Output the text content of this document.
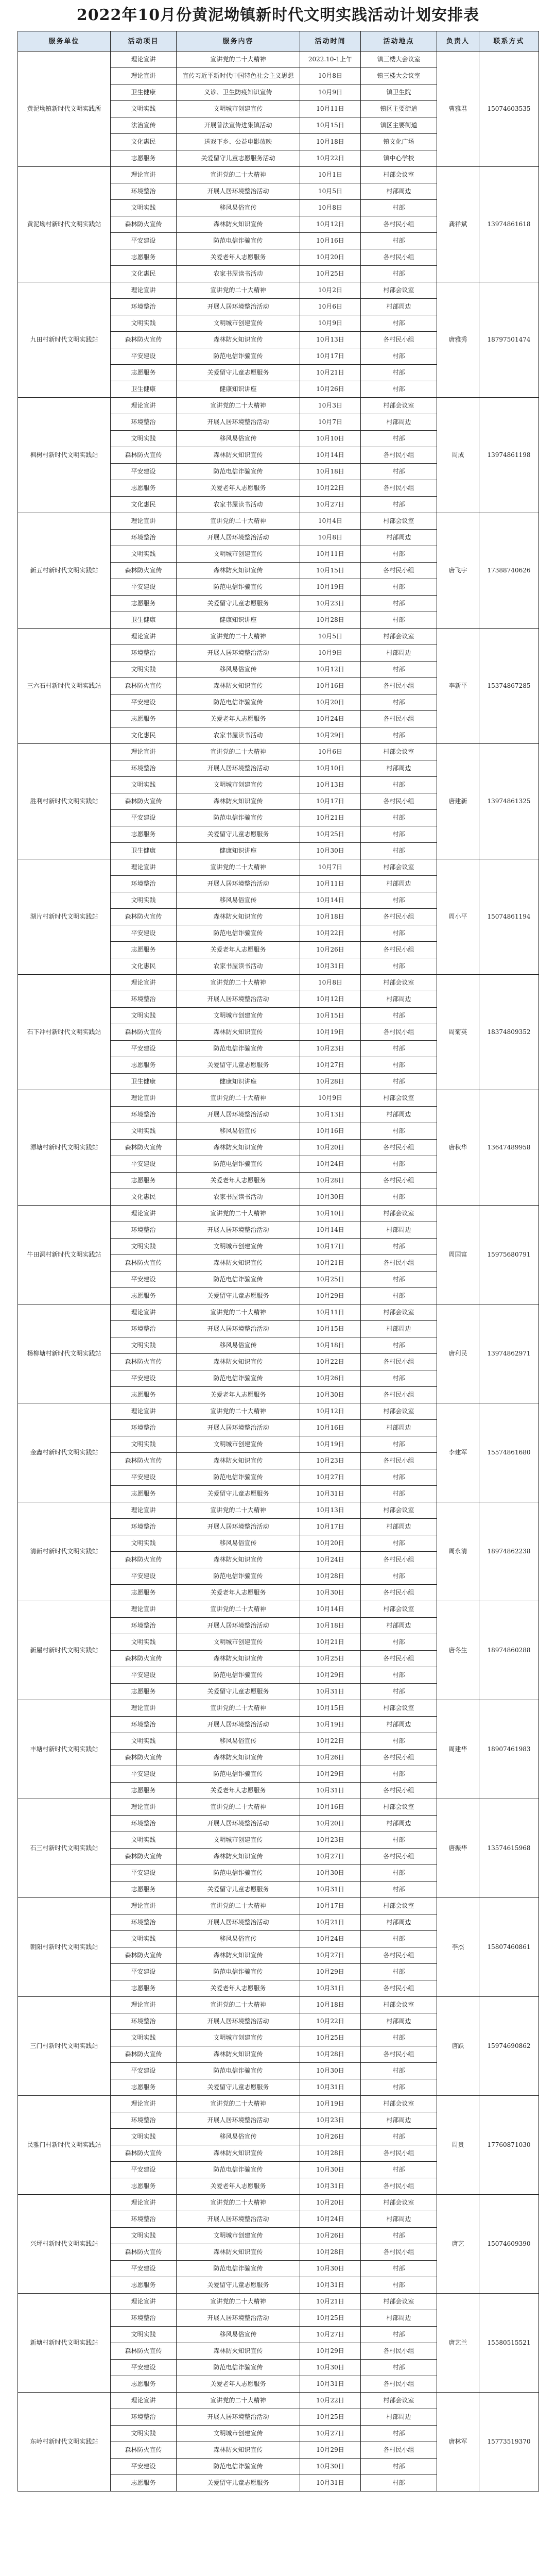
2022年10月份黄泥坳镇新时代文明实践活动计划安排表
服务单位	活动项目	服务内容	活动时间	活动地点	负责人	联系方式
黄泥坳镇新时代文明实践所	理论宣讲	宣讲党的二十大精神	2022.10-1上午	镇三楼大会议室	曹雅君	15074603535
	理论宣讲	宣传习近平新时代中国特色社会主义思想	10月8日	镇三楼大会议室		
	卫生健康	义诊、卫生防疫知识宣传	10月9日	镇卫生院		
	文明实践	文明城市创建宣传	10月11日	镇区主要街道		
	法治宣传	开展普法宣传进集镇活动	10月15日	镇区主要街道		
	文化惠民	送戏下乡、公益电影放映	10月18日	镇文化广场		
	志愿服务	关爱留守儿童志愿服务活动	10月22日	镇中心学校		
黄泥坳村新时代文明实践站	理论宣讲	宣讲党的二十大精神	10月1日	村部会议室	龚祥斌	13974861618
	环境整治	开展人居环境整治活动	10月5日	村部周边		
	文明实践	移风易俗宣传	10月8日	村部		
	森林防火宣传	森林防火知识宣传	10月12日	各村民小组		
	平安建设	防范电信诈骗宣传	10月16日	村部		
	志愿服务	关爱老年人志愿服务	10月20日	各村民小组		
	文化惠民	农家书屋读书活动	10月25日	村部		
九田村新时代文明实践站	理论宣讲	宣讲党的二十大精神	10月2日	村部会议室	唐雅秀	18797501474
	环境整治	开展人居环境整治活动	10月6日	村部周边		
	文明实践	文明城市创建宣传	10月9日	村部		
	森林防火宣传	森林防火知识宣传	10月13日	各村民小组		
	平安建设	防范电信诈骗宣传	10月17日	村部		
	志愿服务	关爱留守儿童志愿服务	10月21日	村部		
	卫生健康	健康知识讲座	10月26日	村部		
枫树村新时代文明实践站	理论宣讲	宣讲党的二十大精神	10月3日	村部会议室	周成	13974861198
	环境整治	开展人居环境整治活动	10月7日	村部周边		
	文明实践	移风易俗宣传	10月10日	村部		
	森林防火宣传	森林防火知识宣传	10月14日	各村民小组		
	平安建设	防范电信诈骗宣传	10月18日	村部		
	志愿服务	关爱老年人志愿服务	10月22日	各村民小组		
	文化惠民	农家书屋读书活动	10月27日	村部		
新五村新时代文明实践站	理论宣讲	宣讲党的二十大精神	10月4日	村部会议室	唐飞宇	17388740626
	环境整治	开展人居环境整治活动	10月8日	村部周边		
	文明实践	文明城市创建宣传	10月11日	村部		
	森林防火宣传	森林防火知识宣传	10月15日	各村民小组		
	平安建设	防范电信诈骗宣传	10月19日	村部		
	志愿服务	关爱留守儿童志愿服务	10月23日	村部		
	卫生健康	健康知识讲座	10月28日	村部		
三六石村新时代文明实践站	理论宣讲	宣讲党的二十大精神	10月5日	村部会议室	李新平	15374867285
	环境整治	开展人居环境整治活动	10月9日	村部周边		
	文明实践	移风易俗宣传	10月12日	村部		
	森林防火宣传	森林防火知识宣传	10月16日	各村民小组		
	平安建设	防范电信诈骗宣传	10月20日	村部		
	志愿服务	关爱老年人志愿服务	10月24日	各村民小组		
	文化惠民	农家书屋读书活动	10月29日	村部		
胜利村新时代文明实践站	理论宣讲	宣讲党的二十大精神	10月6日	村部会议室	唐建新	13974861325
	环境整治	开展人居环境整治活动	10月10日	村部周边		
	文明实践	文明城市创建宣传	10月13日	村部		
	森林防火宣传	森林防火知识宣传	10月17日	各村民小组		
	平安建设	防范电信诈骗宣传	10月21日	村部		
	志愿服务	关爱留守儿童志愿服务	10月25日	村部		
	卫生健康	健康知识讲座	10月30日	村部		
湖片村新时代文明实践站	理论宣讲	宣讲党的二十大精神	10月7日	村部会议室	周小平	15074861194
	环境整治	开展人居环境整治活动	10月11日	村部周边		
	文明实践	移风易俗宣传	10月14日	村部		
	森林防火宣传	森林防火知识宣传	10月18日	各村民小组		
	平安建设	防范电信诈骗宣传	10月22日	村部		
	志愿服务	关爱老年人志愿服务	10月26日	各村民小组		
	文化惠民	农家书屋读书活动	10月31日	村部		
石下冲村新时代文明实践站	理论宣讲	宣讲党的二十大精神	10月8日	村部会议室	周菊英	18374809352
	环境整治	开展人居环境整治活动	10月12日	村部周边		
	文明实践	文明城市创建宣传	10月15日	村部		
	森林防火宣传	森林防火知识宣传	10月19日	各村民小组		
	平安建设	防范电信诈骗宣传	10月23日	村部		
	志愿服务	关爱留守儿童志愿服务	10月27日	村部		
	卫生健康	健康知识讲座	10月28日	村部		
潭塘村新时代文明实践站	理论宣讲	宣讲党的二十大精神	10月9日	村部会议室	唐秋华	13647489958
	环境整治	开展人居环境整治活动	10月13日	村部周边		
	文明实践	移风易俗宣传	10月16日	村部		
	森林防火宣传	森林防火知识宣传	10月20日	各村民小组		
	平安建设	防范电信诈骗宣传	10月24日	村部		
	志愿服务	关爱老年人志愿服务	10月28日	各村民小组		
	文化惠民	农家书屋读书活动	10月30日	村部		
牛田洞村新时代文明实践站	理论宣讲	宣讲党的二十大精神	10月10日	村部会议室	周国富	15975680791
	环境整治	开展人居环境整治活动	10月14日	村部周边		
	文明实践	文明城市创建宣传	10月17日	村部		
	森林防火宣传	森林防火知识宣传	10月21日	各村民小组		
	平安建设	防范电信诈骗宣传	10月25日	村部		
	志愿服务	关爱留守儿童志愿服务	10月29日	村部		
杨柳塘村新时代文明实践站	理论宣讲	宣讲党的二十大精神	10月11日	村部会议室	唐利民	13974862971
	环境整治	开展人居环境整治活动	10月15日	村部周边		
	文明实践	移风易俗宣传	10月18日	村部		
	森林防火宣传	森林防火知识宣传	10月22日	各村民小组		
	平安建设	防范电信诈骗宣传	10月26日	村部		
	志愿服务	关爱老年人志愿服务	10月30日	各村民小组		
金鑫村新时代文明实践站	理论宣讲	宣讲党的二十大精神	10月12日	村部会议室	李建军	15574861680
	环境整治	开展人居环境整治活动	10月16日	村部周边		
	文明实践	文明城市创建宣传	10月19日	村部		
	森林防火宣传	森林防火知识宣传	10月23日	各村民小组		
	平安建设	防范电信诈骗宣传	10月27日	村部		
	志愿服务	关爱留守儿童志愿服务	10月31日	村部		
清新村新时代文明实践站	理论宣讲	宣讲党的二十大精神	10月13日	村部会议室	周永清	18974862238
	环境整治	开展人居环境整治活动	10月17日	村部周边		
	文明实践	移风易俗宣传	10月20日	村部		
	森林防火宣传	森林防火知识宣传	10月24日	各村民小组		
	平安建设	防范电信诈骗宣传	10月28日	村部		
	志愿服务	关爱老年人志愿服务	10月30日	各村民小组		
新屋村新时代文明实践站	理论宣讲	宣讲党的二十大精神	10月14日	村部会议室	唐冬生	18974860288
	环境整治	开展人居环境整治活动	10月18日	村部周边		
	文明实践	文明城市创建宣传	10月21日	村部		
	森林防火宣传	森林防火知识宣传	10月25日	各村民小组		
	平安建设	防范电信诈骗宣传	10月29日	村部		
	志愿服务	关爱留守儿童志愿服务	10月31日	村部		
丰塘村新时代文明实践站	理论宣讲	宣讲党的二十大精神	10月15日	村部会议室	周建华	18907461983
	环境整治	开展人居环境整治活动	10月19日	村部周边		
	文明实践	移风易俗宣传	10月22日	村部		
	森林防火宣传	森林防火知识宣传	10月26日	各村民小组		
	平安建设	防范电信诈骗宣传	10月29日	村部		
	志愿服务	关爱老年人志愿服务	10月31日	各村民小组		
石三村新时代文明实践站	理论宣讲	宣讲党的二十大精神	10月16日	村部会议室	唐振华	13574615968
	环境整治	开展人居环境整治活动	10月20日	村部周边		
	文明实践	文明城市创建宣传	10月23日	村部		
	森林防火宣传	森林防火知识宣传	10月27日	各村民小组		
	平安建设	防范电信诈骗宣传	10月30日	村部		
	志愿服务	关爱留守儿童志愿服务	10月31日	村部		
朝阳村新时代文明实践站	理论宣讲	宣讲党的二十大精神	10月17日	村部会议室	李杰	15807460861
	环境整治	开展人居环境整治活动	10月21日	村部周边		
	文明实践	移风易俗宣传	10月24日	村部		
	森林防火宣传	森林防火知识宣传	10月27日	各村民小组		
	平安建设	防范电信诈骗宣传	10月29日	村部		
	志愿服务	关爱老年人志愿服务	10月31日	各村民小组		
三门村新时代文明实践站	理论宣讲	宣讲党的二十大精神	10月18日	村部会议室	唐跃	15974690862
	环境整治	开展人居环境整治活动	10月22日	村部周边		
	文明实践	文明城市创建宣传	10月25日	村部		
	森林防火宣传	森林防火知识宣传	10月28日	各村民小组		
	平安建设	防范电信诈骗宣传	10月30日	村部		
	志愿服务	关爱留守儿童志愿服务	10月31日	村部		
民雅门村新时代文明实践站	理论宣讲	宣讲党的二十大精神	10月19日	村部会议室	周贵	17760871030
	环境整治	开展人居环境整治活动	10月23日	村部周边		
	文明实践	移风易俗宣传	10月26日	村部		
	森林防火宣传	森林防火知识宣传	10月28日	各村民小组		
	平安建设	防范电信诈骗宣传	10月30日	村部		
	志愿服务	关爱老年人志愿服务	10月31日	各村民小组		
兴坪村新时代文明实践站	理论宣讲	宣讲党的二十大精神	10月20日	村部会议室	唐艺	15074609390
	环境整治	开展人居环境整治活动	10月24日	村部周边		
	文明实践	文明城市创建宣传	10月26日	村部		
	森林防火宣传	森林防火知识宣传	10月28日	各村民小组		
	平安建设	防范电信诈骗宣传	10月30日	村部		
	志愿服务	关爱留守儿童志愿服务	10月31日	村部		
新塘村新时代文明实践站	理论宣讲	宣讲党的二十大精神	10月21日	村部会议室	唐艺兰	15580515521
	环境整治	开展人居环境整治活动	10月25日	村部周边		
	文明实践	移风易俗宣传	10月27日	村部		
	森林防火宣传	森林防火知识宣传	10月29日	各村民小组		
	平安建设	防范电信诈骗宣传	10月30日	村部		
	志愿服务	关爱老年人志愿服务	10月31日	各村民小组		
东岭村新时代文明实践站	理论宣讲	宣讲党的二十大精神	10月22日	村部会议室	唐林军	15773519370
	环境整治	开展人居环境整治活动	10月25日	村部周边		
	文明实践	文明城市创建宣传	10月27日	村部		
	森林防火宣传	森林防火知识宣传	10月29日	各村民小组		
	平安建设	防范电信诈骗宣传	10月30日	村部		
	志愿服务	关爱留守儿童志愿服务	10月31日	村部		
